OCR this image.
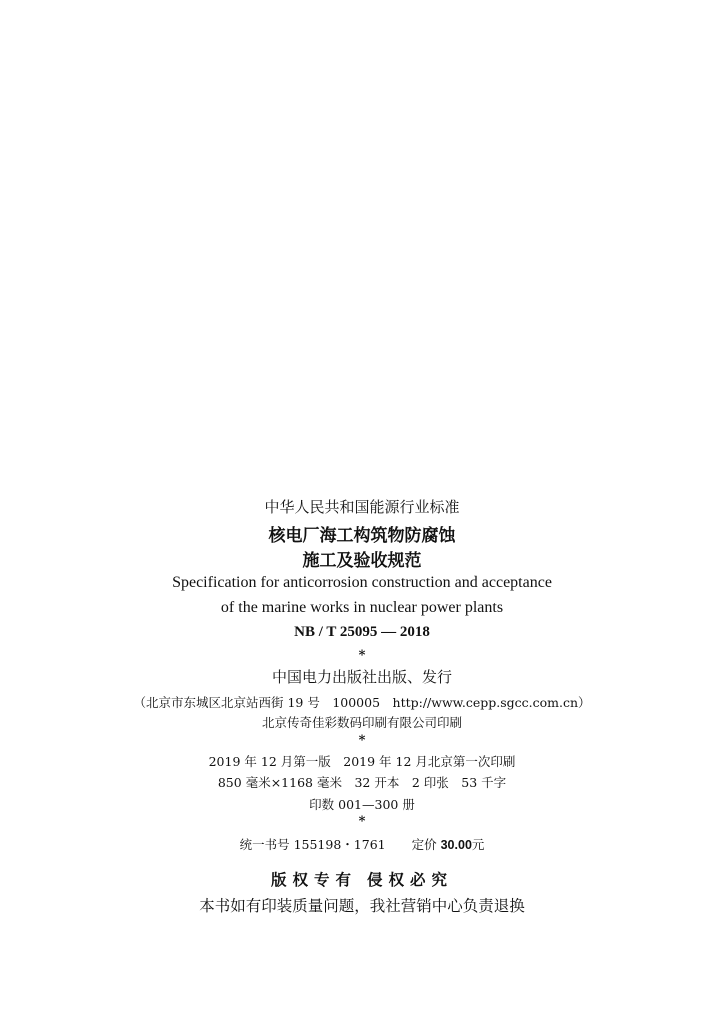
中华人民共和国能源行业标准
核电厂海工构筑物防腐蚀
施工及验收规范
Specification for anticorrosion construction and acceptance
of the marine works in nuclear power plants
NB / T 25095 — 2018
*
中国电力出版社出版、发行
（北京市东城区北京站西街 19 号　100005　http://www.cepp.sgcc.com.cn）
北京传奇佳彩数码印刷有限公司印刷
*
2019 年 12 月第一版　2019 年 12 月北京第一次印刷
850 毫米×1168 毫米　32 开本　2 印张　53 千字
印数 001—300 册
*
统一书号 155198・1761 定价 30.00元
版权专有 侵权必究
本书如有印装质量问题，我社营销中心负责退换
